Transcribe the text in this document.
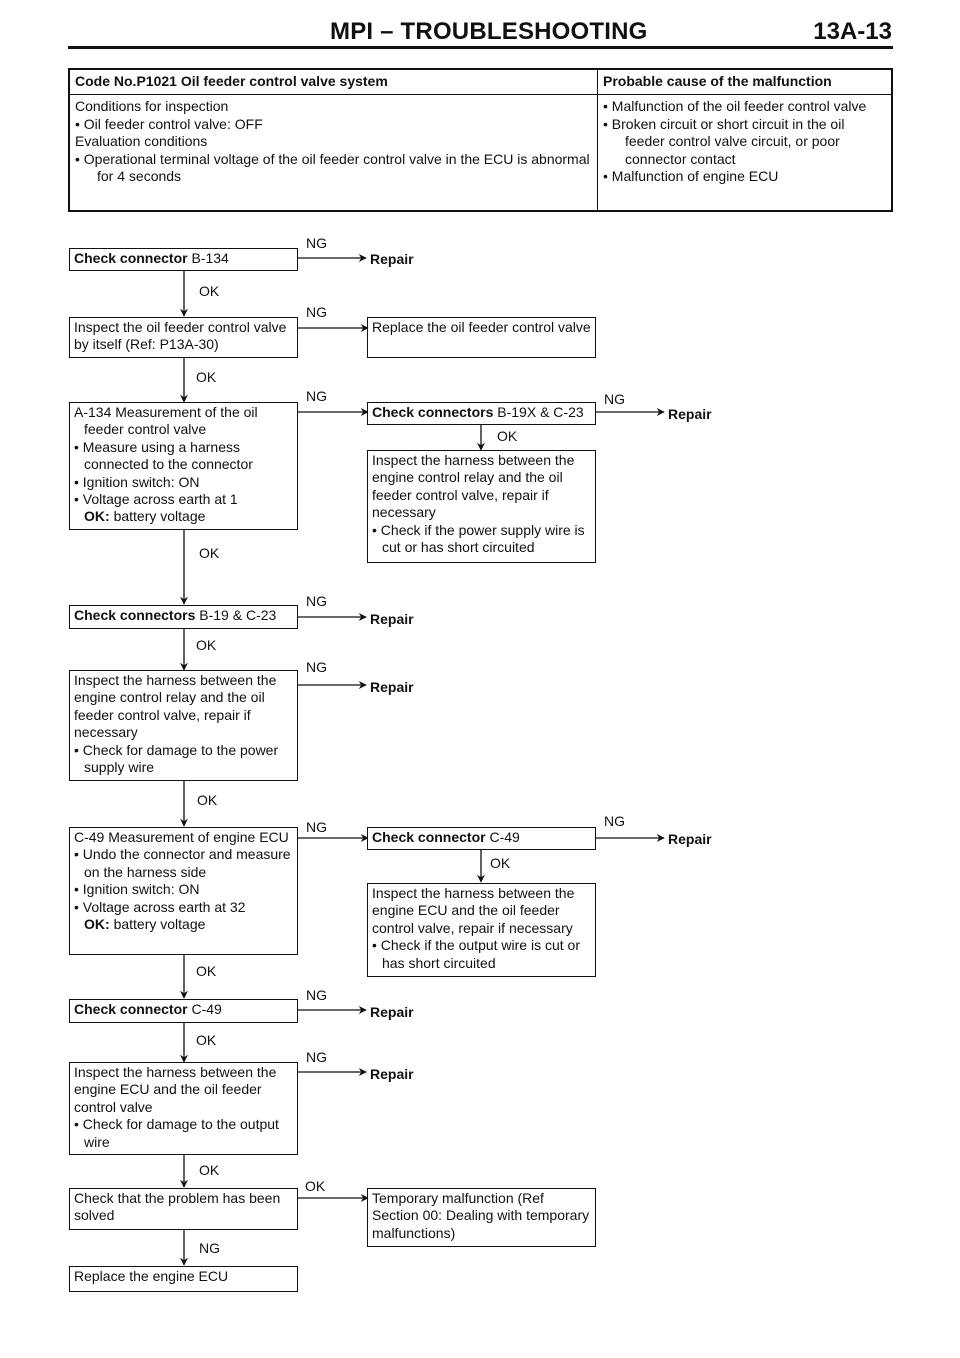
MPI – TROUBLESHOOTING	13A-13
Code No.P1021 Oil feeder control valve system	Probable cause of the malfunction

Conditions for inspection
• Oil feeder control valve: OFF
Evaluation conditions
• Operational terminal voltage of the oil feeder control valve in the ECU is abnormal for 4 seconds	• Malfunction of the oil feeder control valve
• Broken circuit or short circuit in the oil feeder control valve circuit, or poor connector contact
• Malfunction of engine ECU
Check connector B-134
NG
Repair
OK
Inspect the oil feeder control valve by itself (Ref: P13A-30)
NG
Replace the oil feeder control valve
OK
A-134 Measurement of the oil feeder control valve
• Measure using a harness connected to the connector
• Ignition switch: ON
• Voltage across earth at 1
OK: battery voltage
NG
Check connectors B-19X & C-23
NG
Repair
OK
Inspect the harness between the engine control relay and the oil feeder control valve, repair if necessary
• Check if the power supply wire is cut or has short circuited
OK
Check connectors B-19 & C-23
NG
Repair
OK
Inspect the harness between the engine control relay and the oil feeder control valve, repair if necessary
• Check for damage to the power supply wire
NG
Repair
OK
C-49 Measurement of engine ECU
• Undo the connector and measure on the harness side
• Ignition switch: ON
• Voltage across earth at 32
OK: battery voltage
NG
Check connector C-49
NG
Repair
OK
Inspect the harness between the engine ECU and the oil feeder control valve, repair if necessary
• Check if the output wire is cut or has short circuited
OK
Check connector C-49
NG
Repair
OK
Inspect the harness between the engine ECU and the oil feeder control valve
• Check for damage to the output wire
NG
Repair
OK
Check that the problem has been solved
OK
Temporary malfunction (Ref Section 00: Dealing with temporary malfunctions)
NG
Replace the engine ECU
